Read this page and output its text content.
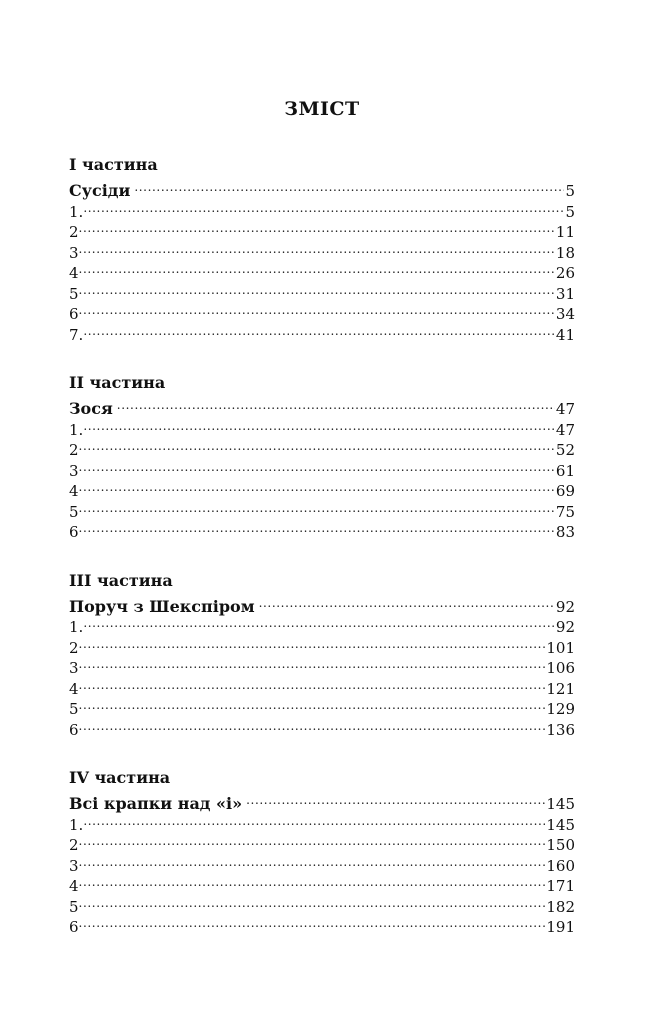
ЗМІСТ
І частина
Сусіди .....	5
1. .....	5
2 .....	11
3 .....	18
4 .....	26
5 .....	31
6 .....	34
7. .....	41
ІІ частина
Зося .....	47
1. .....	47
2 .....	52
3 .....	61
4 .....	69
5 .....	75
6 .....	83
ІІІ частина
Поруч з Шекспіром .....	92
1. .....	92
2 .....	101
3 .....	106
4 .....	121
5 .....	129
6 .....	136
IV частина
Всі крапки над «і» .....	145
1. .....	145
2 .....	150
3 .....	160
4 .....	171
5 .....	182
6 .....	191
